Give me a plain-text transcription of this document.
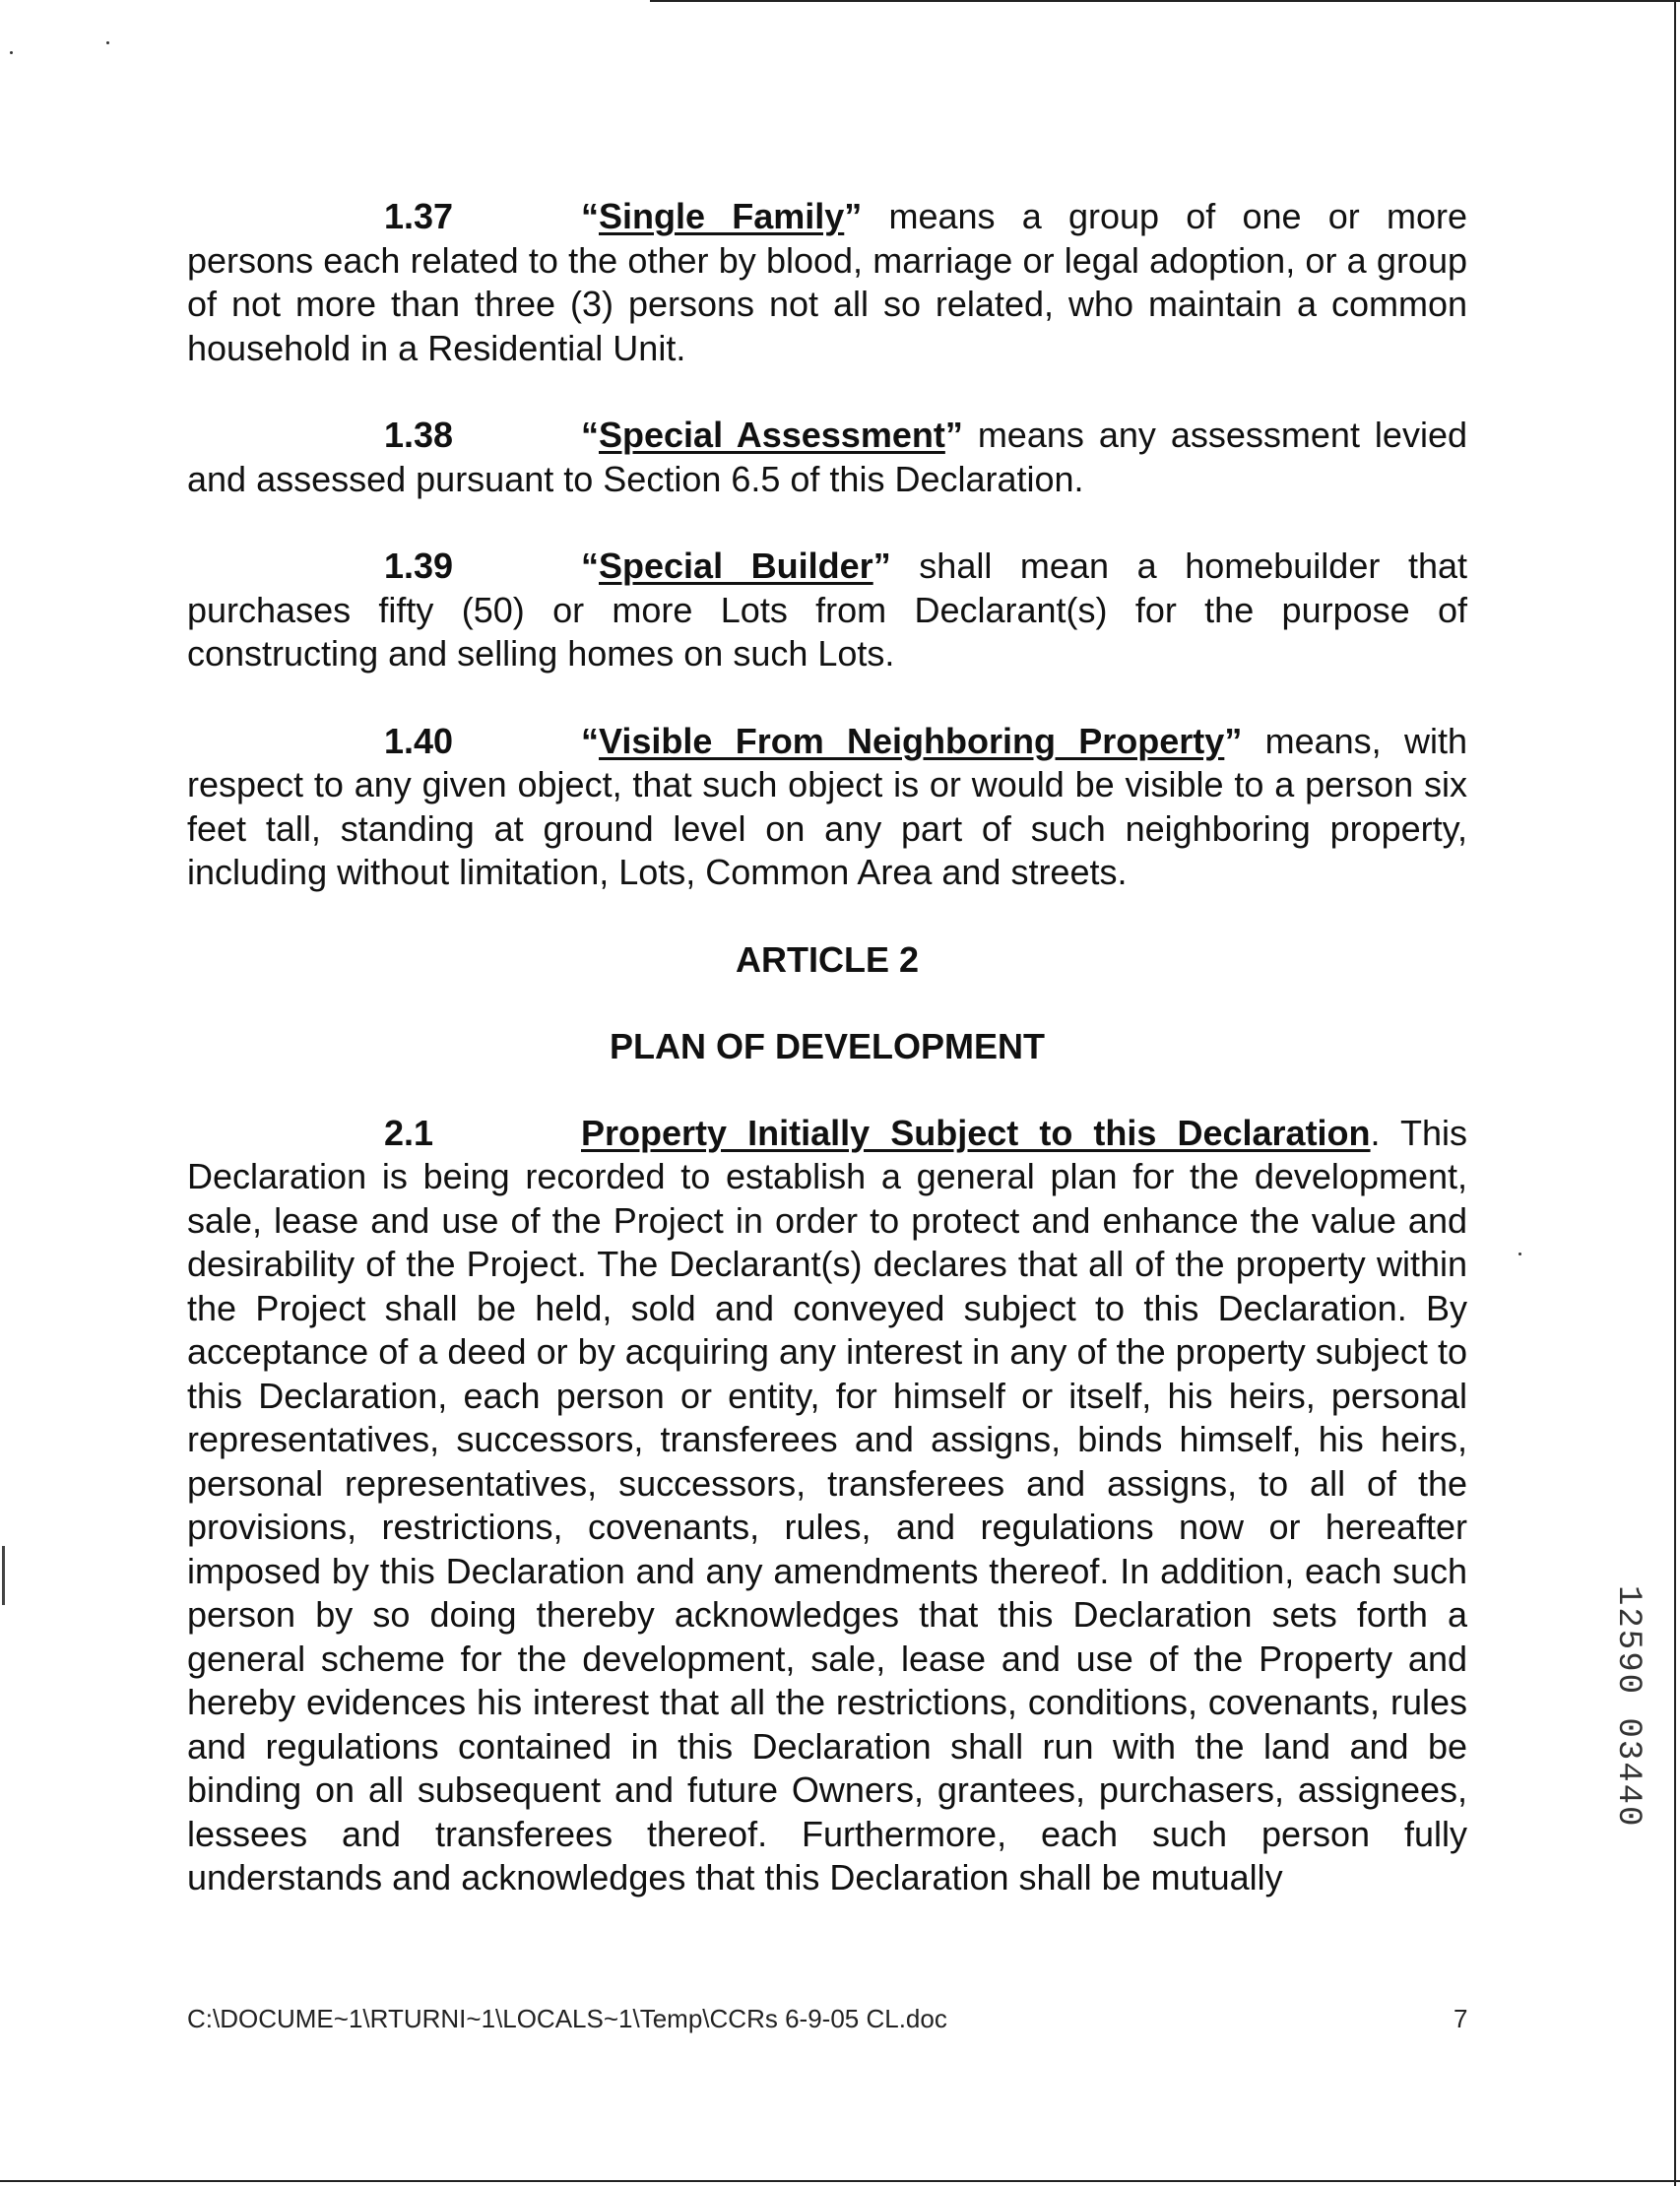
1.37	“Single Family” means a group of one or more persons each related to the other by blood, marriage or legal adoption, or a group of not more than three (3) persons not all so related, who maintain a common household in a Residential Unit.

1.38	“Special Assessment” means any assessment levied and assessed pursuant to Section 6.5 of this Declaration.

1.39	“Special Builder” shall mean a homebuilder that purchases fifty (50) or more Lots from Declarant(s) for the purpose of constructing and selling homes on such Lots.

1.40	“Visible From Neighboring Property” means, with respect to any given object, that such object is or would be visible to a person six feet tall, standing at ground level on any part of such neighboring property, including without limitation, Lots, Common Area and streets.

ARTICLE 2
PLAN OF DEVELOPMENT

2.1	Property Initially Subject to this Declaration. This Declaration is being recorded to establish a general plan for the development, sale, lease and use of the Project in order to protect and enhance the value and desirability of the Project. The Declarant(s) declares that all of the property within the Project shall be held, sold and conveyed subject to this Declaration. By acceptance of a deed or by acquiring any interest in any of the property subject to this Declaration, each person or entity, for himself or itself, his heirs, personal representatives, successors, transferees and assigns, binds himself, his heirs, personal representatives, successors, transferees and assigns, to all of the provisions, restrictions, covenants, rules, and regulations now or hereafter imposed by this Declaration and any amendments thereof. In addition, each such person by so doing thereby acknowledges that this Declaration sets forth a general scheme for the development, sale, lease and use of the Property and hereby evidences his interest that all the restrictions, conditions, covenants, rules and regulations contained in this Declaration shall run with the land and be binding on all subsequent and future Owners, grantees, purchasers, assignees, lessees and transferees thereof. Furthermore, each such person fully understands and acknowledges that this Declaration shall be mutually

C:\DOCUME~1\RTURNI~1\LOCALS~1\Temp\CCRs 6-9-05 CL.doc	7
12590 03440
